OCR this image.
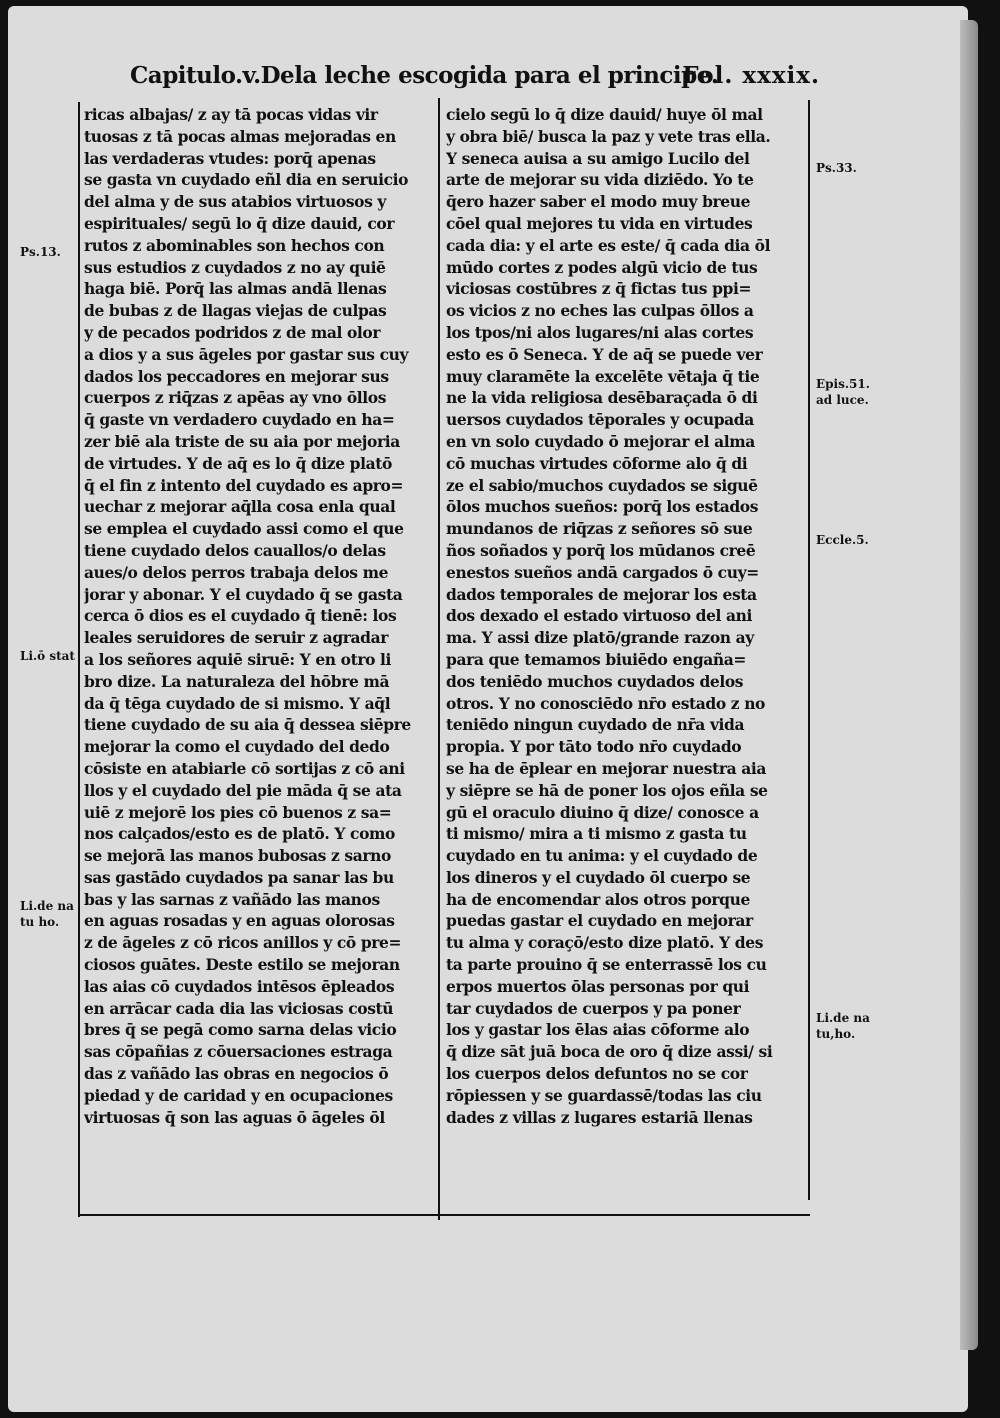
Capitulo.v.Dela leche escogida para el principe.
Fol. xxxix.
ricas albajas/ z ay tā pocas vidas vir
tuosas z tā pocas almas mejoradas en
las verdaderas vtudes: porq̄ apenas
se gasta vn cuydado eñl dia en seruicio
del alma y de sus atabios virtuosos y
espirituales/ segū lo q̄ dize dauid, cor
rutos z abominables son hechos con
sus estudios z cuydados z no ay quiē
haga biē. Porq̄ las almas andā llenas
de bubas z de llagas viejas de culpas
y de pecados podridos z de mal olor
a dios y a sus āgeles por gastar sus cuy
dados los peccadores en mejorar sus
cuerpos z riq̄zas z apēas ay vno ōllos
q̄ gaste vn verdadero cuydado en ha=
zer biē ala triste de su aia por mejoria
de virtudes. Y de aq̄ es lo q̄ dize platō
q̄ el fin z intento del cuydado es apro=
uechar z mejorar aq̄lla cosa enla qual
se emplea el cuydado assi como el que
tiene cuydado delos cauallos/o delas
aues/o delos perros trabaja delos me
jorar y abonar. Y el cuydado q̄ se gasta
cerca ō dios es el cuydado q̄ tienē: los
leales seruidores de seruir z agradar
a los señores aquiē siruē: Y en otro li
bro dize. La naturaleza del hōbre mā
da q̄ tēga cuydado de si mismo. Y aq̄l
tiene cuydado de su aia q̄ dessea siēpre
mejorar la como el cuydado del dedo
cōsiste en atabiarle cō sortijas z cō ani
llos y el cuydado del pie māda q̄ se ata
uiē z mejorē los pies cō buenos z sa=
nos calçados/esto es de platō. Y como
se mejorā las manos bubosas z sarno
sas gastādo cuydados pa sanar las bu
bas y las sarnas z vañādo las manos
en aguas rosadas y en aguas olorosas
z de āgeles z cō ricos anillos y cō pre=
ciosos guātes. Deste estilo se mejoran
las aias cō cuydados intēsos ēpleados
en arrācar cada dia las viciosas costū
bres q̄ se pegā como sarna delas vicio
sas cōpañias z cōuersaciones estraga
das z vañādo las obras en negocios ō
piedad y de caridad y en ocupaciones
virtuosas q̄ son las aguas ō āgeles ōl
cielo segū lo q̄ dize dauid/ huye ōl mal
y obra biē/ busca la paz y vete tras ella.
Y seneca auisa a su amigo Lucilo del
arte de mejorar su vida diziēdo. Yo te
q̄ero hazer saber el modo muy breue
cōel qual mejores tu vida en virtudes
cada dia: y el arte es este/ q̄ cada dia ōl
mūdo cortes z podes algū vicio de tus
viciosas costūbres z q̄ fictas tus ppi=
os vicios z no eches las culpas ōllos a
los tpos/ni alos lugares/ni alas cortes
esto es ō Seneca. Y de aq̄ se puede ver
muy claramēte la excelēte vētaja q̄ tie
ne la vida religiosa desēbaraçada ō di
uersos cuydados tēporales y ocupada
en vn solo cuydado ō mejorar el alma
cō muchas virtudes cōforme alo q̄ di
ze el sabio/muchos cuydados se siguē
ōlos muchos sueños: porq̄ los estados
mundanos de riq̄zas z señores sō sue
ños soñados y porq̄ los mūdanos creē
enestos sueños andā cargados ō cuy=
dados temporales de mejorar los esta
dos dexado el estado virtuoso del ani
ma. Y assi dize platō/grande razon ay
para que temamos biuiēdo engaña=
dos teniēdo muchos cuydados delos
otros. Y no conosciēdo nr̄o estado z no
teniēdo ningun cuydado de nr̄a vida
propia. Y por tāto todo nr̄o cuydado
se ha de ēplear en mejorar nuestra aia
y siēpre se hā de poner los ojos eñla se
gū el oraculo diuino q̄ dize/ conosce a
ti mismo/ mira a ti mismo z gasta tu
cuydado en tu anima: y el cuydado de
los dineros y el cuydado ōl cuerpo se
ha de encomendar alos otros porque
puedas gastar el cuydado en mejorar
tu alma y coraçō/esto dize platō. Y des
ta parte prouino q̄ se enterrassē los cu
erpos muertos ōlas personas por qui
tar cuydados de cuerpos y pa poner
los y gastar los ēlas aias cōforme alo
q̄ dize sāt juā boca de oro q̄ dize assi/ si
los cuerpos delos defuntos no se cor
rōpiessen y se guardassē/todas las ciu
dades z villas z lugares estariā llenas
Ps.13.
Li.ō stat
Li.de na
tu ho.
Ps.33.
Epis.51.
ad luce.
Eccle.5.
Li.de na
tu,ho.
